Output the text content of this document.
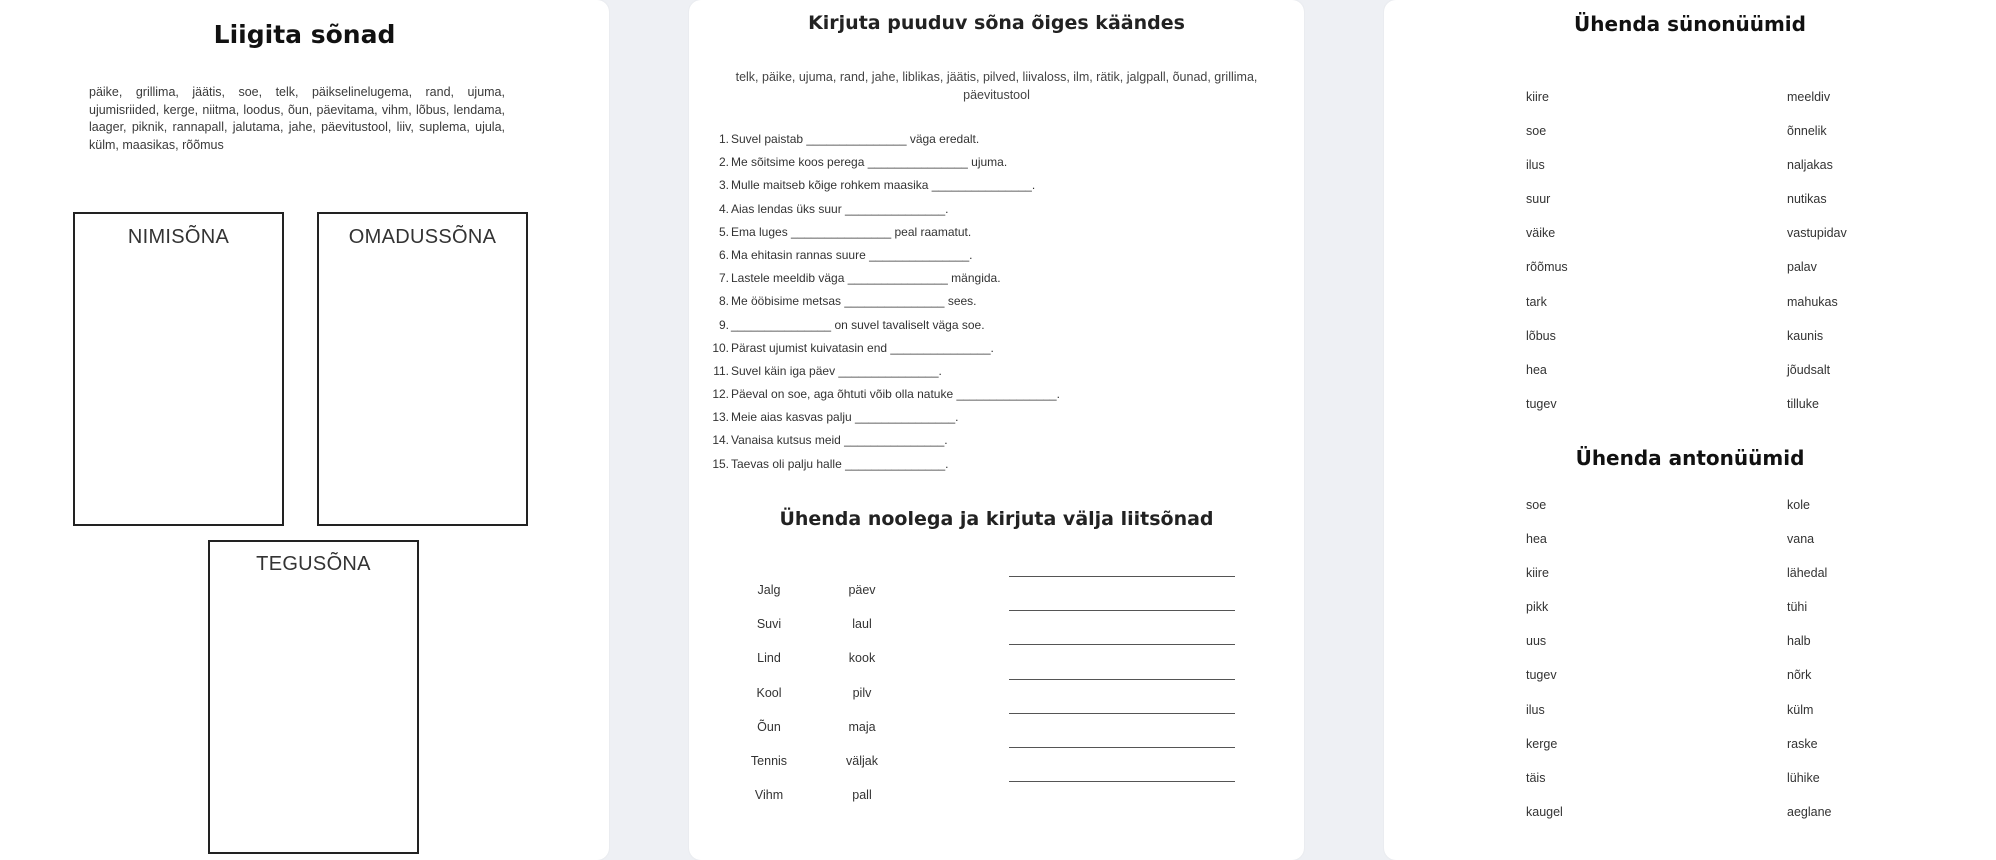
Liigita sõnad
päike, grillima, jäätis, soe, telk, päikselinelugema, rand, ujuma, ujumisriided, kerge, niitma, loodus, õun, päevitama, vihm, lõbus, lendama, laager, piknik, rannapall, jalutama, jahe, päevitustool, liiv, suplema, ujula, külm, maasikas, rõõmus
NIMISÕNA	OMADUSSÕNA
TEGUSÕNA
Kirjuta puuduv sõna õiges käändes
telk, päike, ujuma, rand, jahe, liblikas, jäätis, pilved, liivaloss, ilm, rätik, jalgpall, õunad, grillima, päevitustool
1. Suvel paistab _______________ väga eredalt.
2. Me sõitsime koos perega _______________ ujuma.
3. Mulle maitseb kõige rohkem maasika _______________.
4. Aias lendas üks suur _______________.
5. Ema luges _______________ peal raamatut.
6. Ma ehitasin rannas suure _______________.
7. Lastele meeldib väga _______________ mängida.
8. Me ööbisime metsas _______________ sees.
9. _______________ on suvel tavaliselt väga soe.
10. Pärast ujumist kuivatasin end _______________.
11. Suvel käin iga päev _______________.
12. Päeval on soe, aga õhtuti võib olla natuke _______________.
13. Meie aias kasvas palju _______________.
14. Vanaisa kutsus meid _______________.
15. Taevas oli palju halle _______________.
Ühenda noolega ja kirjuta välja liitsõnad
Jalg	päev
Suvi	laul
Lind	kook
Kool	pilv
Õun	maja
Tennis	väljak
Vihm	pall
Ühenda sünonüümid
kiire	meeldiv
soe	õnnelik
ilus	naljakas
suur	nutikas
väike	vastupidav
rõõmus	palav
tark	mahukas
lõbus	kaunis
hea	jõudsalt
tugev	tilluke
Ühenda antonüümid
soe	kole
hea	vana
kiire	lähedal
pikk	tühi
uus	halb
tugev	nõrk
ilus	külm
kerge	raske
täis	lühike
kaugel	aeglane
